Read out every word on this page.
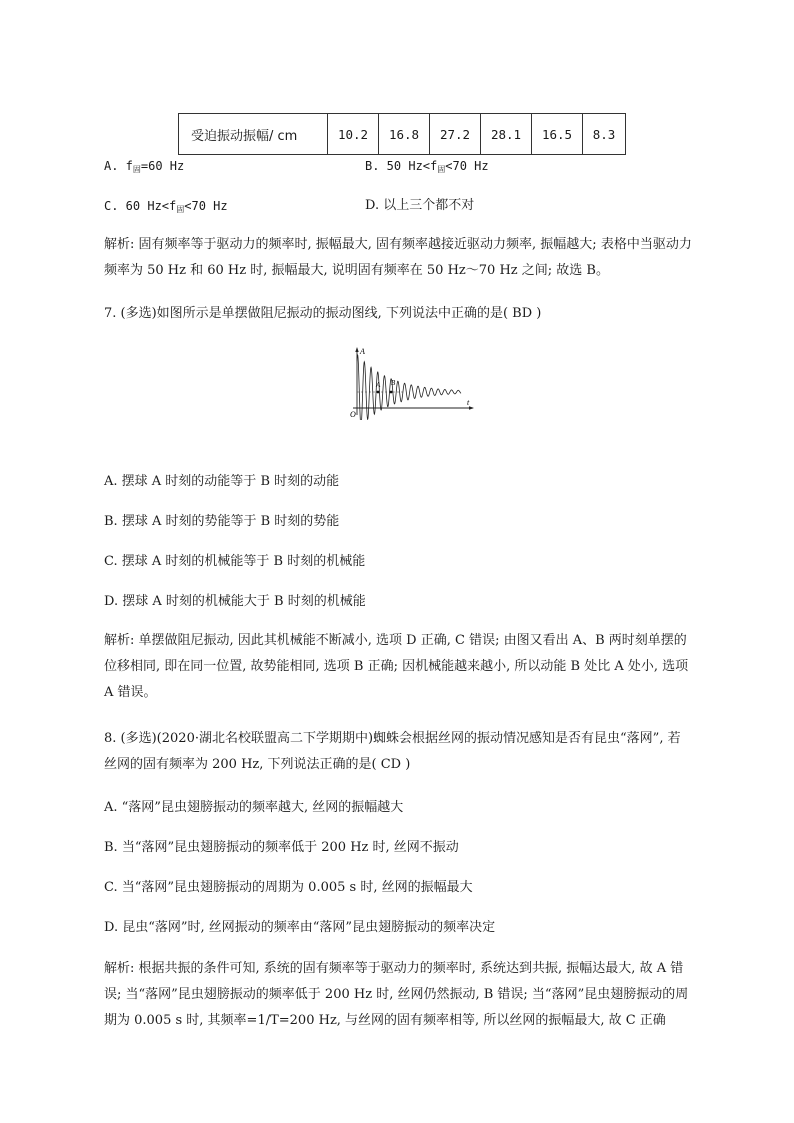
受迫振动振幅/ cm	10.2	16.8	27.2	28.1	16.5	8.3
A. $f_固=60$ Hz	B. 50 $Hz<f_固<70$ Hz
C. 60 $Hz<f_固<70$ Hz	D. 以上三个都不对
解析: 固有频率等于驱动力的频率时, 振幅最大, 固有频率越接近驱动力频率, 振幅越大; 表格中当驱动力频率为 50 Hz 和 60 Hz 时, 振幅最大, 说明固有频率在 50 Hz～70 Hz 之间; 故选 B。
7. (多选)如图所示是单摆做阻尼振动的振动图线, 下列说法中正确的是( BD )
A
t
O
A B
A. 摆球 A 时刻的动能等于 B 时刻的动能
B. 摆球 A 时刻的势能等于 B 时刻的势能
C. 摆球 A 时刻的机械能等于 B 时刻的机械能
D. 摆球 A 时刻的机械能大于 B 时刻的机械能
解析: 单摆做阻尼振动, 因此其机械能不断减小, 选项 D 正确, C 错误; 由图又看出 A、B 两时刻单摆的位移相同, 即在同一位置, 故势能相同, 选项 B 正确; 因机械能越来越小, 所以动能 B 处比 A 处小, 选项 A 错误。
8. (多选)(2020·湖北名校联盟高二下学期期中)蜘蛛会根据丝网的振动情况感知是否有昆虫“落网”, 若丝网的固有频率为 200 Hz, 下列说法正确的是( CD )
A. “落网”昆虫翅膀振动的频率越大, 丝网的振幅越大
B. 当“落网”昆虫翅膀振动的频率低于 200 Hz 时, 丝网不振动
C. 当“落网”昆虫翅膀振动的周期为 0.005 s 时, 丝网的振幅最大
D. 昆虫“落网”时, 丝网振动的频率由“落网”昆虫翅膀振动的频率决定
解析: 根据共振的条件可知, 系统的固有频率等于驱动力的频率时, 系统达到共振, 振幅达最大, 故 A 错误; 当“落网”昆虫翅膀振动的频率低于 200 Hz 时, 丝网仍然振动, B 错误; 当“落网”昆虫翅膀振动的周期为 0.005 s 时, 其频率=1/T=200 Hz, 与丝网的固有频率相等, 所以丝网的振幅最大, 故 C 正确
